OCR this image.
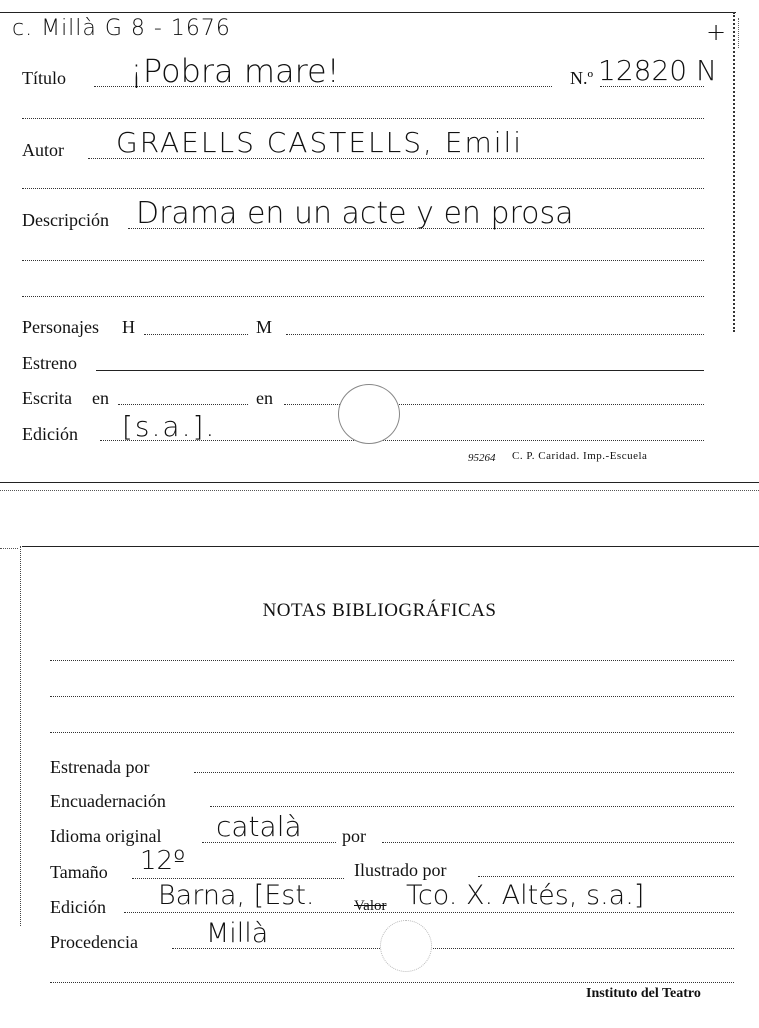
c. Millà G 8 - 1676	+
Título ¡Pobra mare!	N.º 12820 N
Autor GRAELLS CASTELLS, Emili
Descripción Drama en un acte y en prosa
Personajes H	M
Estreno
Escrita en	en
Edición [s.a.].
95264 C. P. Caridad. Imp.-Escuela
NOTAS BIBLIOGRÁFICAS
Estrenada por
Encuadernación
Idioma original català por
Tamaño 12º	Ilustrado por
Edición Barna, [Est.	Valor Tco. X. Altés, s.a.]
Procedencia	Millà
Instituto del Teatro
